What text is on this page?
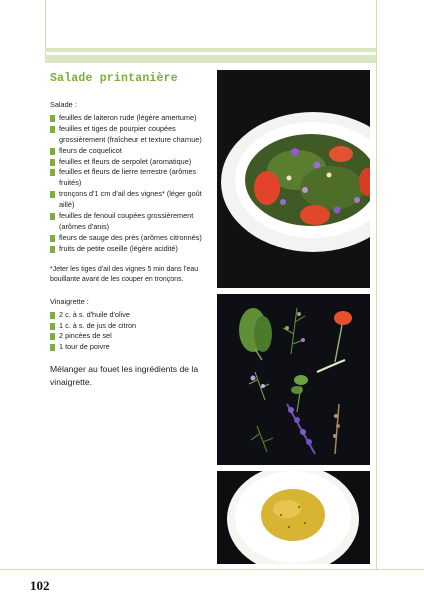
Salade printanière
Salade :
feuilles de laiteron rude (légère amertume)
feuilles et tiges de pourpier coupées grossièrement (fraîcheur et texture charnue)
fleurs de coquelicot
feuilles et fleurs de serpolet (aromatique)
feuilles et fleurs de lierre terrestre (arômes fruités)
tronçons d'1 cm d'ail des vignes* (léger goût aillé)
feuilles de fenouil coupées grossièrement (arômes d'anis)
fleurs de sauge des prés (arômes citronnés)
fruits de petite oseille (légère acidité)

*Jeter les tiges d'ail des vignes 5 min dans l'eau bouillante avant de les couper en tronçons.

Vinaigrette :
2 c. à s. d'huile d'olive
1 c. à s. de jus de citron
2 pincées de sel
1 tour de poivre

Mélanger au fouet les ingrédients de la vinaigrette.

102
